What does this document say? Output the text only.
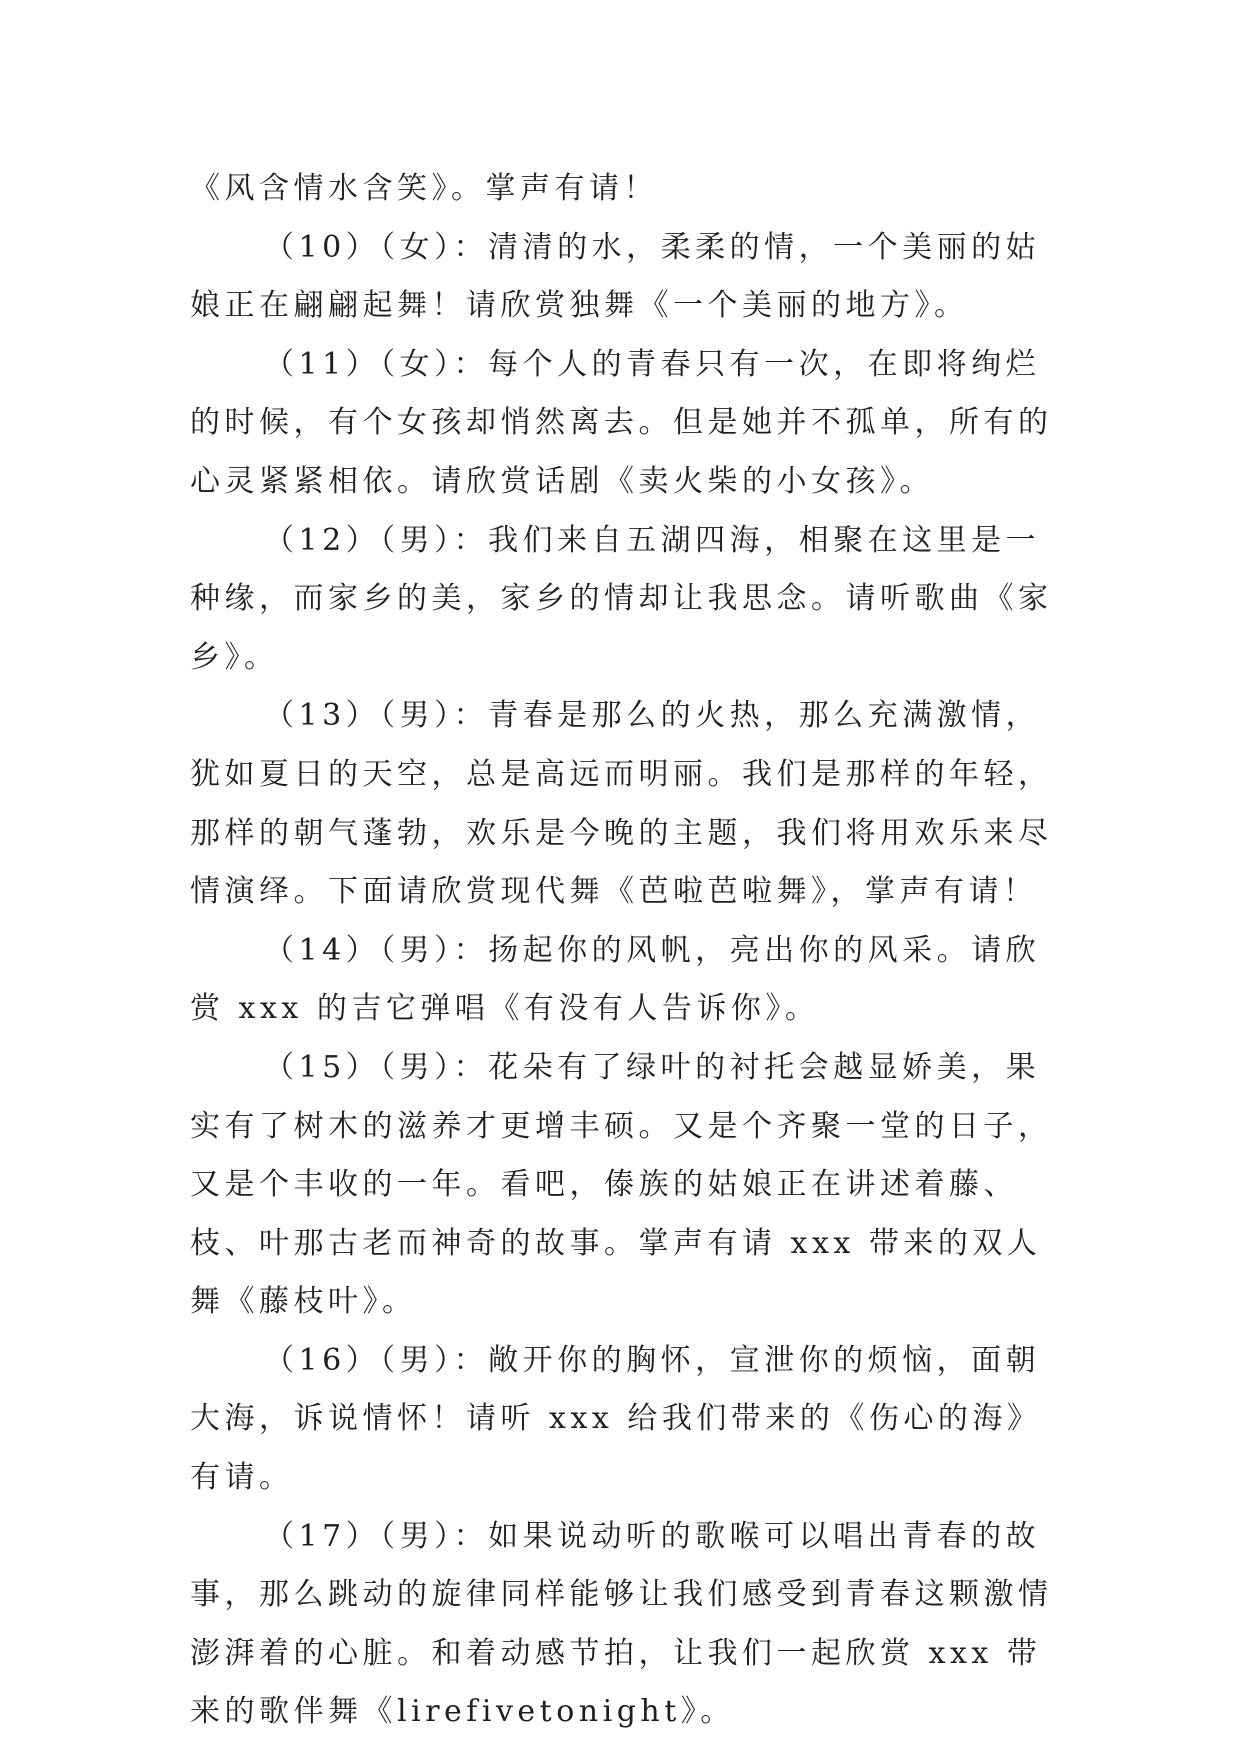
《风含情水含笑》。掌声有请！

（10）（女）：清清的水，柔柔的情，一个美丽的姑娘正在翩翩起舞！请欣赏独舞《一个美丽的地方》。

（11）（女）：每个人的青春只有一次，在即将绚烂的时候，有个女孩却悄然离去。但是她并不孤单，所有的心灵紧紧相依。请欣赏话剧《卖火柴的小女孩》。

（12）（男）：我们来自五湖四海，相聚在这里是一种缘，而家乡的美，家乡的情却让我思念。请听歌曲《家乡》。

（13）（男）：青春是那么的火热，那么充满激情，犹如夏日的天空，总是高远而明丽。我们是那样的年轻，那样的朝气蓬勃，欢乐是今晚的主题，我们将用欢乐来尽情演绎。下面请欣赏现代舞《芭啦芭啦舞》，掌声有请！

（14）（男）：扬起你的风帆，亮出你的风采。请欣赏 xxx 的吉它弹唱《有没有人告诉你》。

（15）（男）：花朵有了绿叶的衬托会越显娇美，果实有了树木的滋养才更增丰硕。又是个齐聚一堂的日子，又是个丰收的一年。看吧，傣族的姑娘正在讲述着藤、枝、叶那古老而神奇的故事。掌声有请 xxx 带来的双人舞《藤枝叶》。

（16）（男）：敞开你的胸怀，宣泄你的烦恼，面朝大海，诉说情怀！请听 xxx 给我们带来的《伤心的海》有请。

（17）（男）：如果说动听的歌喉可以唱出青春的故事，那么跳动的旋律同样能够让我们感受到青春这颗激情澎湃着的心脏。和着动感节拍，让我们一起欣赏 xxx 带来的歌伴舞《lirefivetonight》。
